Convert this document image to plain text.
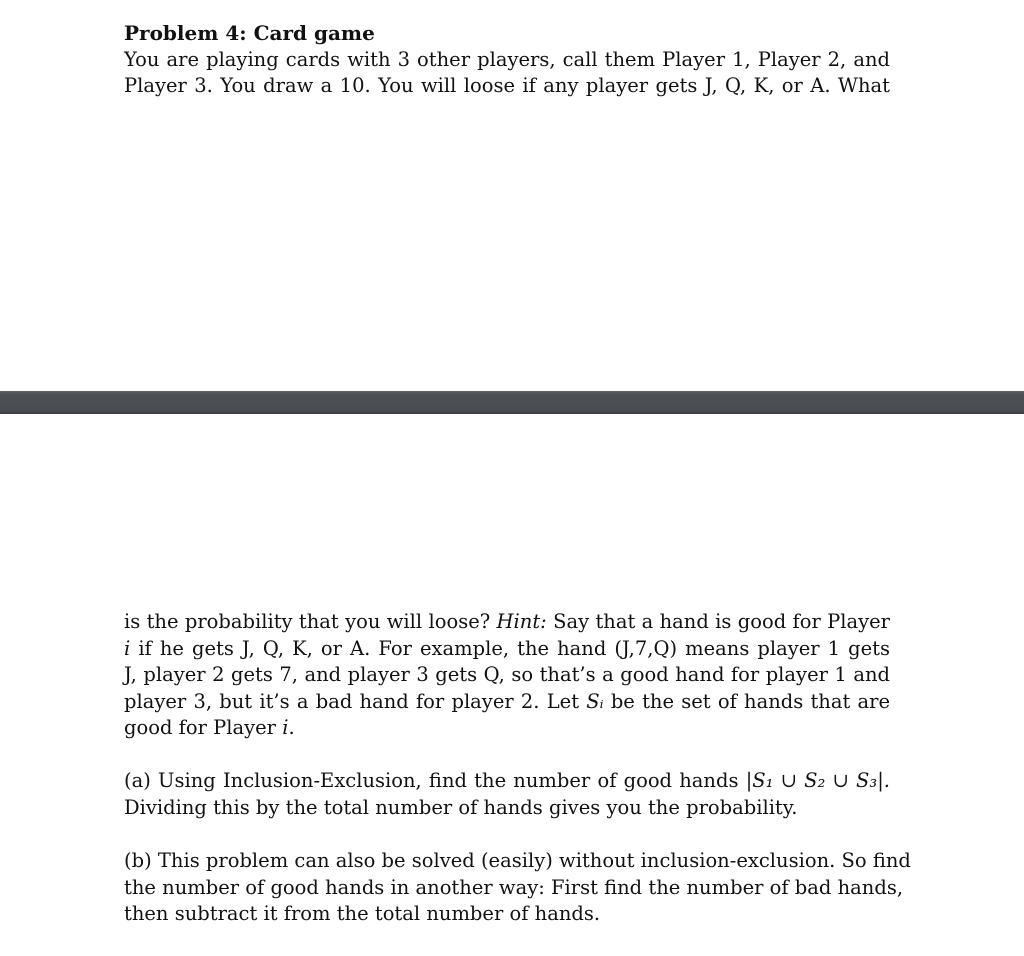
Problem 4: Card game
You are playing cards with 3 other players, call them Player 1, Player 2, and
Player 3. You draw a 10. You will loose if any player gets J, Q, K, or A. What
is the probability that you will loose? Hint: Say that a hand is good for Player
i if he gets J, Q, K, or A. For example, the hand (J,7,Q) means player 1 gets
J, player 2 gets 7, and player 3 gets Q, so that’s a good hand for player 1 and
player 3, but it’s a bad hand for player 2. Let Sᵢ be the set of hands that are
good for Player i.
(a) Using Inclusion-Exclusion, find the number of good hands |S₁ ∪ S₂ ∪ S₃|.
Dividing this by the total number of hands gives you the probability.
(b) This problem can also be solved (easily) without inclusion-exclusion. So find
the number of good hands in another way: First find the number of bad hands,
then subtract it from the total number of hands.
